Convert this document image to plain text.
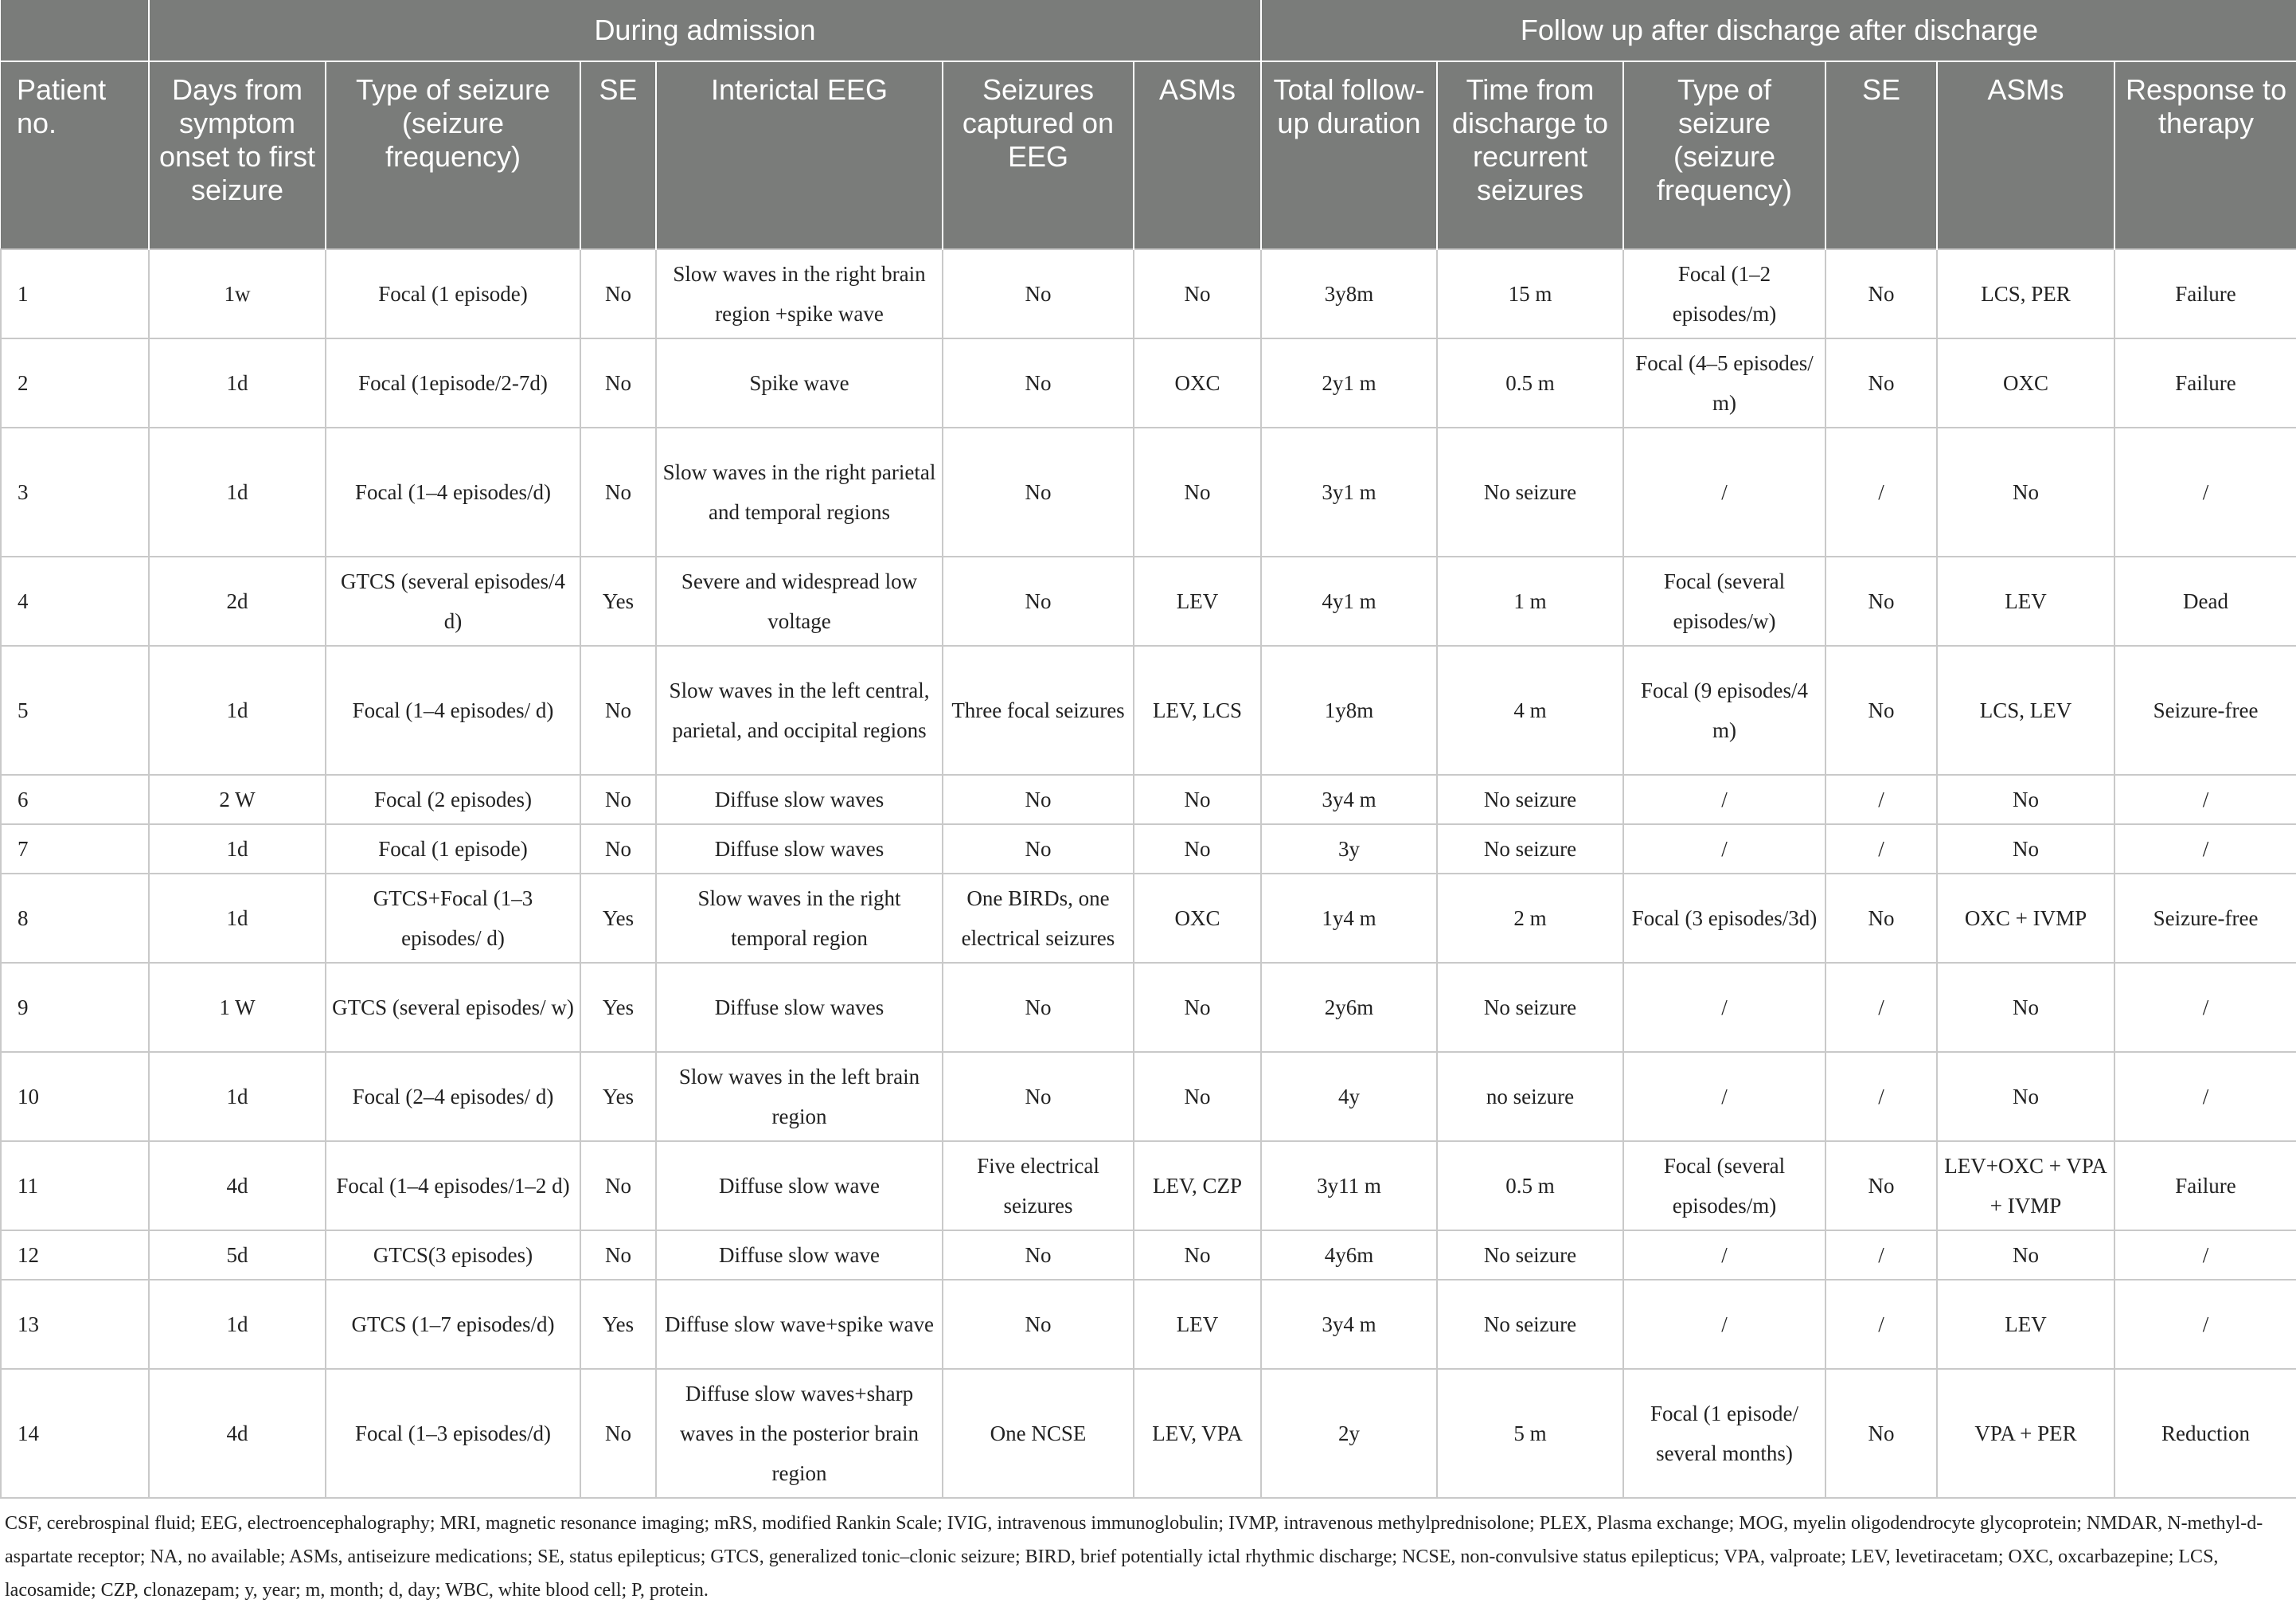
	During admission						Follow up after discharge after discharge					
Patient no.	Days from symptom onset to first seizure	Type of seizure (seizure frequency)	SE	Interictal EEG	Seizures captured on EEG	ASMs	Total follow-up duration	Time from discharge to recurrent seizures	Type of seizure (seizure frequency)	SE	ASMs	Response to therapy
1	1w	Focal (1 episode)	No	Slow waves in the right brain region +spike wave	No	No	3y8m	15 m	Focal (1–2 episodes/m)	No	LCS, PER	Failure
2	1d	Focal (1episode/2-7d)	No	Spike wave	No	OXC	2y1 m	0.5 m	Focal (4–5 episodes/ m)	No	OXC	Failure
3	1d	Focal (1–4 episodes/d)	No	Slow waves in the right parietal and temporal regions	No	No	3y1 m	No seizure	/	/	No	/
4	2d	GTCS (several episodes/4 d)	Yes	Severe and widespread low voltage	No	LEV	4y1 m	1 m	Focal (several episodes/w)	No	LEV	Dead
5	1d	Focal (1–4 episodes/ d)	No	Slow waves in the left central, parietal, and occipital regions	Three focal seizures	LEV, LCS	1y8m	4 m	Focal (9 episodes/4 m)	No	LCS, LEV	Seizure-free
6	2 W	Focal (2 episodes)	No	Diffuse slow waves	No	No	3y4 m	No seizure	/	/	No	/
7	1d	Focal (1 episode)	No	Diffuse slow waves	No	No	3y	No seizure	/	/	No	/
8	1d	GTCS+Focal (1–3 episodes/ d)	Yes	Slow waves in the right temporal region	One BIRDs, one electrical seizures	OXC	1y4 m	2 m	Focal (3 episodes/3d)	No	OXC + IVMP	Seizure-free
9	1 W	GTCS (several episodes/ w)	Yes	Diffuse slow waves	No	No	2y6m	No seizure	/	/	No	/
10	1d	Focal (2–4 episodes/ d)	Yes	Slow waves in the left brain region	No	No	4y	no seizure	/	/	No	/
11	4d	Focal (1–4 episodes/1–2 d)	No	Diffuse slow wave	Five electrical seizures	LEV, CZP	3y11 m	0.5 m	Focal (several episodes/m)	No	LEV+OXC + VPA + IVMP	Failure
12	5d	GTCS(3 episodes)	No	Diffuse slow wave	No	No	4y6m	No seizure	/	/	No	/
13	1d	GTCS (1–7 episodes/d)	Yes	Diffuse slow wave+spike wave	No	LEV	3y4 m	No seizure	/	/	LEV	/
14	4d	Focal (1–3 episodes/d)	No	Diffuse slow waves+sharp waves in the posterior brain region	One NCSE	LEV, VPA	2y	5 m	Focal (1 episode/ several months)	No	VPA + PER	Reduction
CSF, cerebrospinal fluid; EEG, electroencephalography; MRI, magnetic resonance imaging; mRS, modified Rankin Scale; IVIG, intravenous immunoglobulin; IVMP, intravenous methylprednisolone; PLEX, Plasma exchange; MOG, myelin oligodendrocyte glycoprotein; NMDAR, N-methyl-d-aspartate receptor; NA, no available; ASMs, antiseizure medications; SE, status epilepticus; GTCS, generalized tonic–clonic seizure; BIRD, brief potentially ictal rhythmic discharge; NCSE, non-convulsive status epilepticus; VPA, valproate; LEV, levetiracetam; OXC, oxcarbazepine; LCS, lacosamide; CZP, clonazepam; y, year; m, month; d, day; WBC, white blood cell; P, protein.
